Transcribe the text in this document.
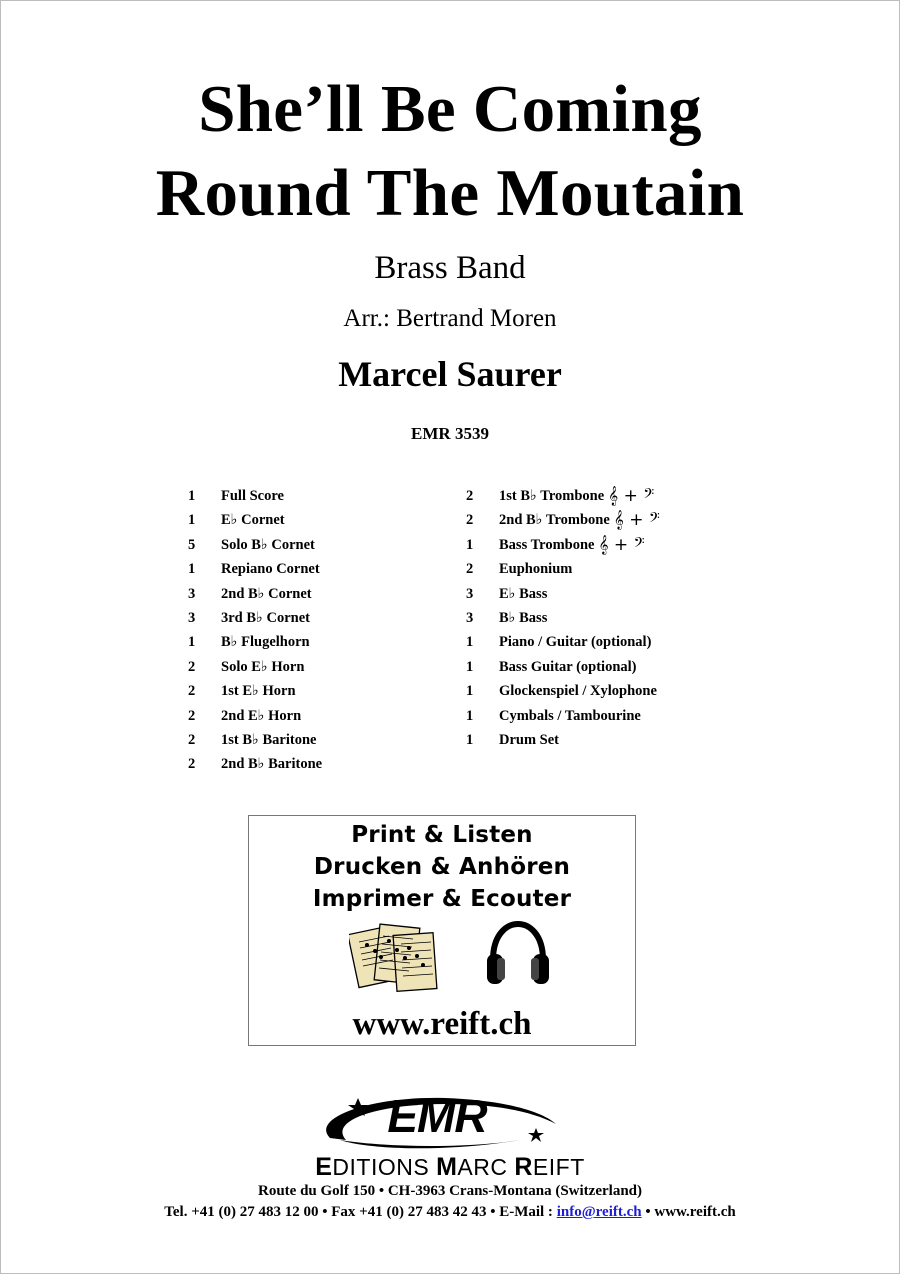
She’ll Be Coming
Round The Moutain
Brass Band
Arr.: Bertrand Moren
Marcel Saurer
EMR 3539
1	Full Score
1	E♭ Cornet
5	Solo B♭ Cornet
1	Repiano Cornet
3	2nd B♭ Cornet
3	3rd B♭ Cornet
1	B♭ Flugelhorn
2	Solo E♭ Horn
2	1st E♭ Horn
2	2nd E♭ Horn
2	1st B♭ Baritone
2	2nd B♭ Baritone
2	1st B♭ Trombone 𝄞 + 𝄢
2	2nd B♭ Trombone 𝄞 + 𝄢
1	Bass Trombone 𝄞 + 𝄢
2	Euphonium
3	E♭ Bass
3	B♭ Bass
1	Piano / Guitar (optional)
1	Bass Guitar (optional)
1	Glockenspiel / Xylophone
1	Cymbals / Tambourine
1	Drum Set
Print & Listen
Drucken & Anhören
Imprimer & Ecouter
www.reift.ch
EMR
EDITIONS MARC REIFT
Route du Golf 150 • CH-3963 Crans-Montana (Switzerland)
Tel. +41 (0) 27 483 12 00 • Fax +41 (0) 27 483 42 43 • E-Mail : info@reift.ch • www.reift.ch
